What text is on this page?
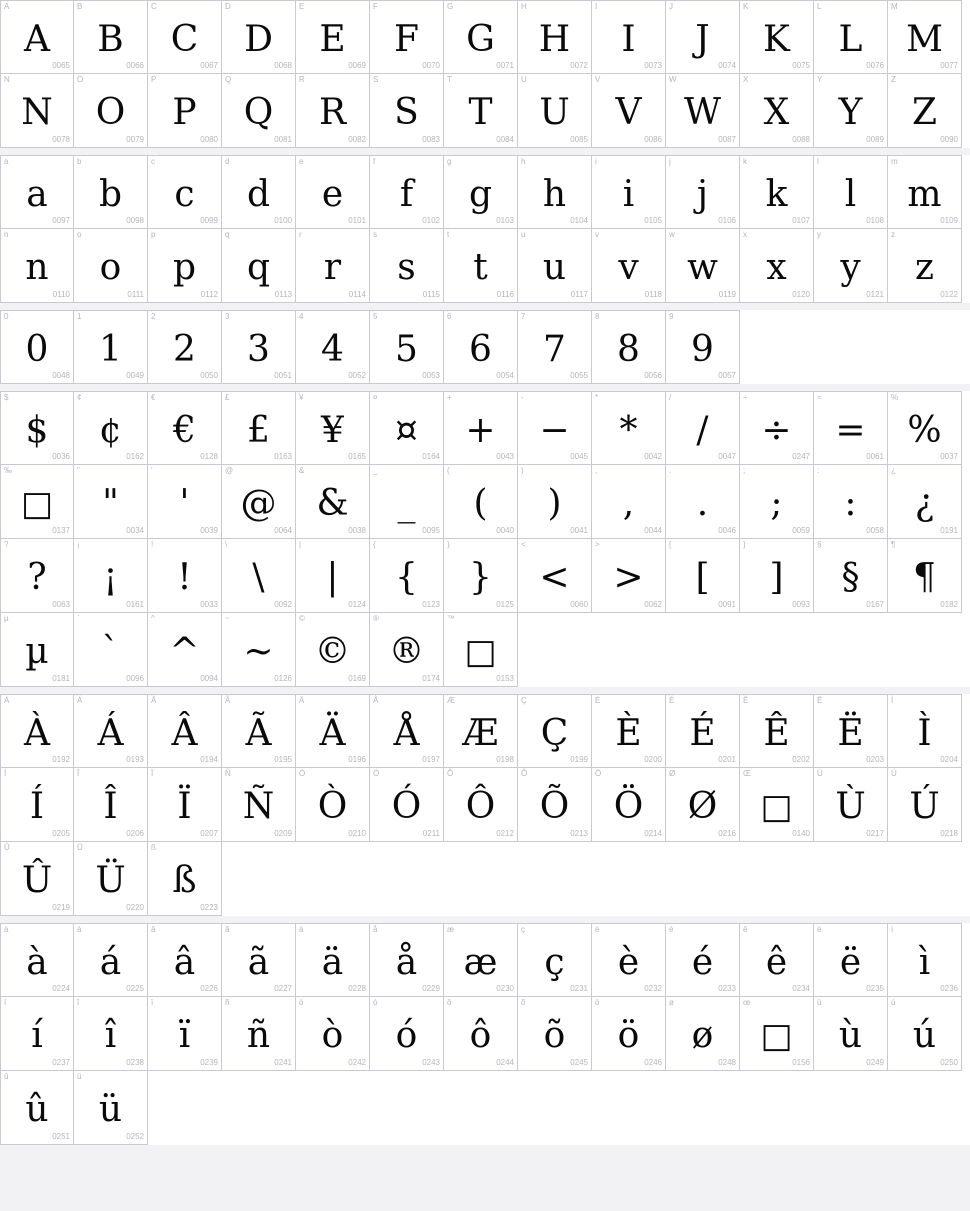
A
A
0065
B
B
0066
C
C
0067
D
D
0068
E
E
0069
F
F
0070
G
G
0071
H
H
0072
I
I
0073
J
J
0074
K
K
0075
L
L
0076
M
M
0077
N
N
0078
O
O
0079
P
P
0080
Q
Q
0081
R
R
0082
S
S
0083
T
T
0084
U
U
0085
V
V
0086
W
W
0087
X
X
0088
Y
Y
0089
Z
Z
0090
a
a
0097
b
b
0098
c
c
0099
d
d
0100
e
e
0101
f
f
0102
g
g
0103
h
h
0104
i
i
0105
j
j
0106
k
k
0107
l
l
0108
m
m
0109
n
n
0110
o
o
0111
p
p
0112
q
q
0113
r
r
0114
s
s
0115
t
t
0116
u
u
0117
v
v
0118
w
w
0119
x
x
0120
y
y
0121
z
z
0122
0
0
0048
1
1
0049
2
2
0050
3
3
0051
4
4
0052
5
5
0053
6
6
0054
7
7
0055
8
8
0056
9
9
0057
$
$
0036
¢
¢
0162
€
€
0128
£
£
0163
¥
¥
0165
¤
¤
0164
+
+
0043
-
−
0045
*
*
0042
/
/
0047
÷
÷
0247
=
=
0061
%
%
0037
‰
□
0137
"
"
0034
'
'
0039
@
@
0064
&
&
0038
_
_
0095
(
(
0040
)
)
0041
,
,
0044
.
.
0046
;
;
0059
:
:
0058
¿
¿
0191
?
?
0063
¡
¡
0161
!
!
0033
\
\
0092
|
|
0124
{
{
0123
}
}
0125
<
<
0060
>
>
0062
[
[
0091
]
]
0093
§
§
0167
¶
¶
0182
µ
µ
0181
`
`
0096
^
^
0094
~
~
0126
©
©
0169
®
®
0174
™
□
0153
À
À
0192
Á
Á
0193
Â
Â
0194
Ã
Ã
0195
Ä
Ä
0196
Å
Å
0197
Æ
Æ
0198
Ç
Ç
0199
È
È
0200
É
É
0201
Ê
Ê
0202
Ë
Ë
0203
Ì
Ì
0204
Í
Í
0205
Î
Î
0206
Ï
Ï
0207
Ñ
Ñ
0209
Ò
Ò
0210
Ó
Ó
0211
Ô
Ô
0212
Õ
Õ
0213
Ö
Ö
0214
Ø
Ø
0216
Œ
□
0140
Ù
Ù
0217
Ú
Ú
0218
Û
Û
0219
Ü
Ü
0220
ß
ß
0223
à
à
0224
á
á
0225
â
â
0226
ã
ã
0227
ä
ä
0228
å
å
0229
æ
æ
0230
ç
ç
0231
è
è
0232
é
é
0233
ê
ê
0234
ë
ë
0235
ì
ì
0236
í
í
0237
î
î
0238
ï
ï
0239
ñ
ñ
0241
ò
ò
0242
ó
ó
0243
ô
ô
0244
õ
õ
0245
ö
ö
0246
ø
ø
0248
œ
□
0156
ù
ù
0249
ú
ú
0250
û
û
0251
ü
ü
0252
